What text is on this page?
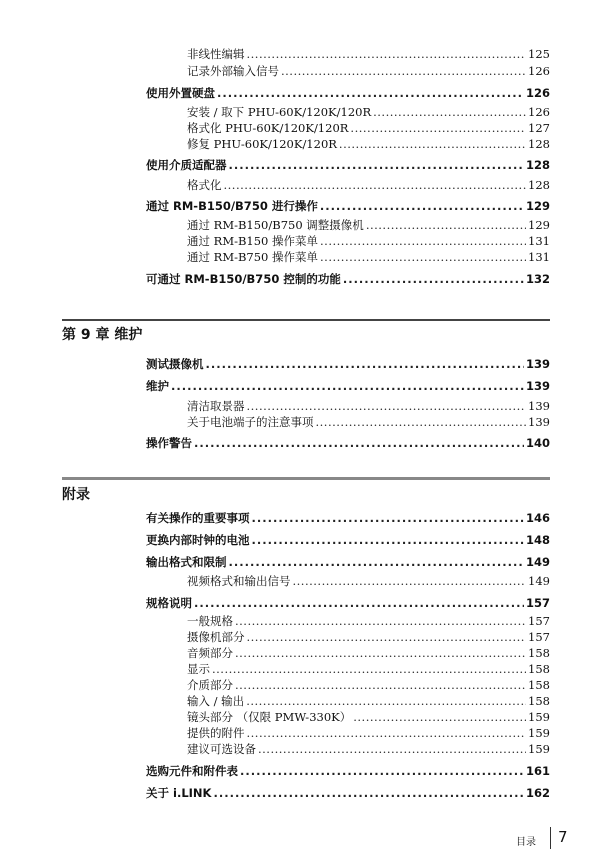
非线性编辑 .....	125
记录外部输入信号 .....	126
使用外置硬盘 .....	126
安装 / 取下 PHU-60K/120K/120R .....	126
格式化 PHU-60K/120K/120R .....	127
修复 PHU-60K/120K/120R .....	128
使用介质适配器 .....	128
格式化 .....	128
通过 RM-B150/B750 进行操作 .....	129
通过 RM-B150/B750 调整摄像机 .....	129
通过 RM-B150 操作菜单 .....	131
通过 RM-B750 操作菜单 .....	131
可通过 RM-B150/B750 控制的功能 .....	132
第 9 章 维护
测试摄像机 .....	139
维护 .....	139
清洁取景器 .....	139
关于电池端子的注意事项 .....	139
操作警告 .....	140
附录
有关操作的重要事项 .....	146
更换内部时钟的电池 .....	148
输出格式和限制 .....	149
视频格式和输出信号 .....	149
规格说明 .....	157
一般规格 .....	157
摄像机部分 .....	157
音频部分 .....	158
显示 .....	158
介质部分 .....	158
输入 / 输出 .....	158
镜头部分 （仅限 PMW-330K） .....	159
提供的附件 .....	159
建议可选设备 .....	159
选购元件和附件表 .....	161
关于 i.LINK .....	162
目录 7
